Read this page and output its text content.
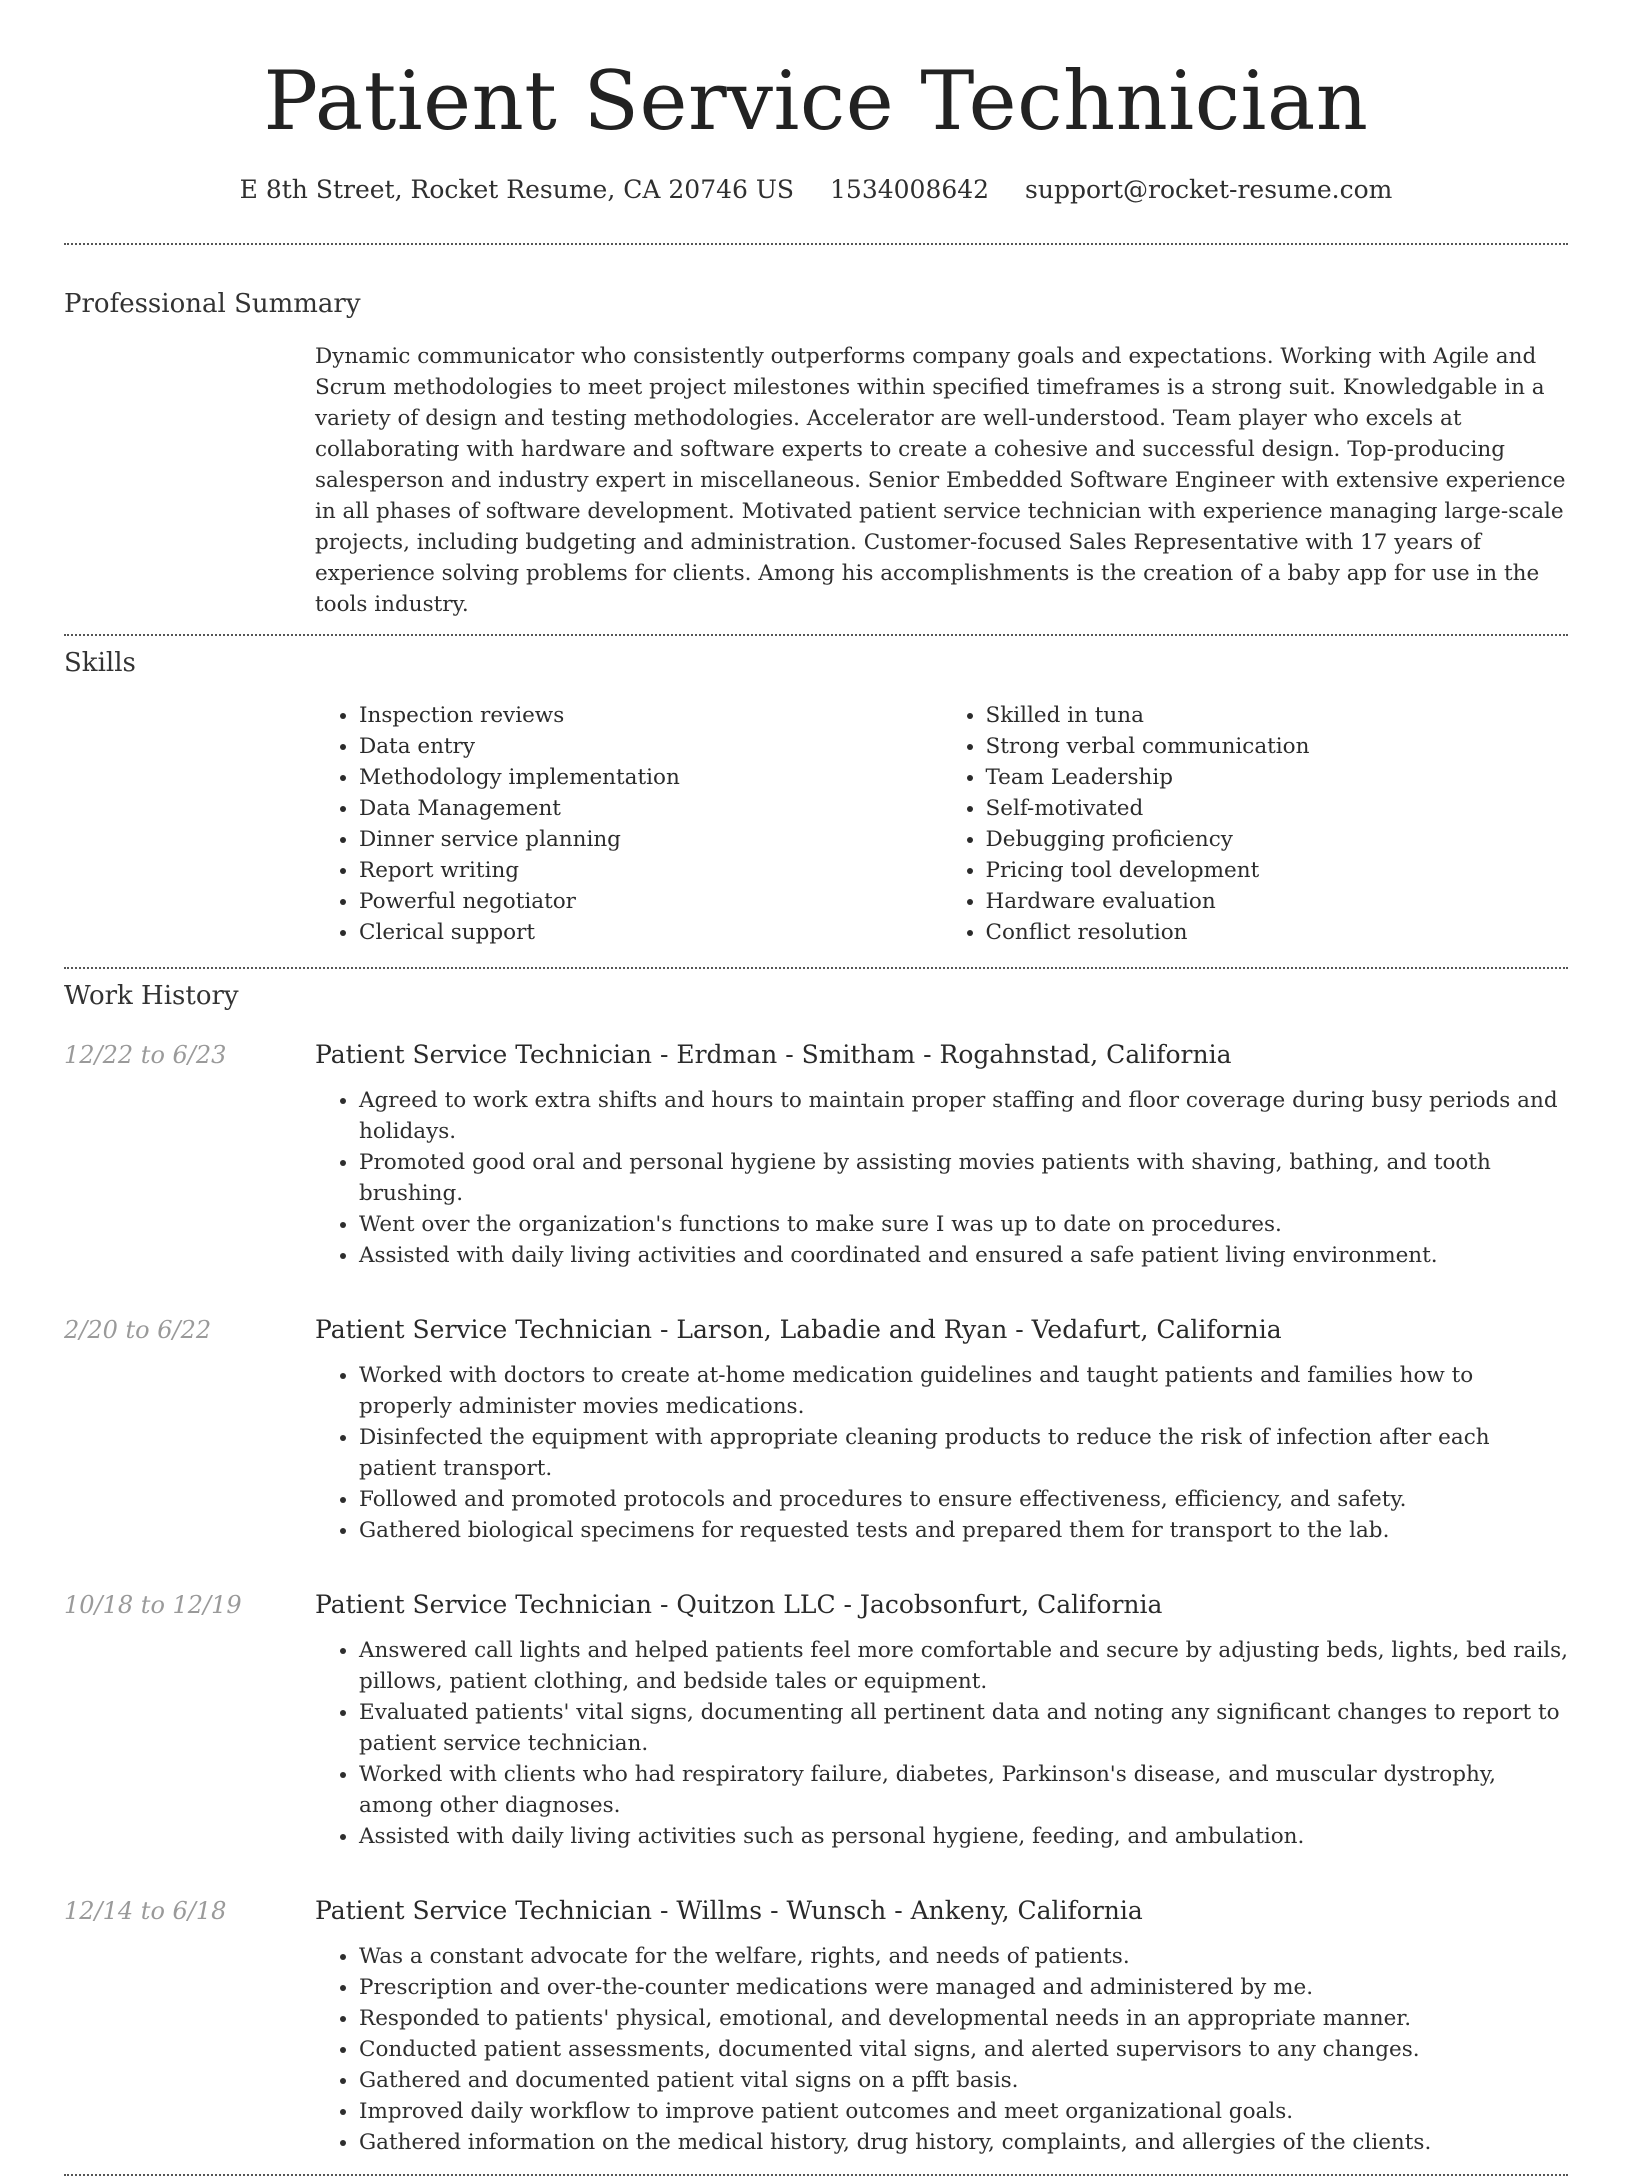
Patient Service Technician
E 8th Street, Rocket Resume, CA 20746 US 1534008642 support@rocket-resume.com
Professional Summary
Dynamic communicator who consistently outperforms company goals and expectations. Working with Agile and Scrum methodologies to meet project milestones within specified timeframes is a strong suit. Knowledgable in a variety of design and testing methodologies. Accelerator are well-understood. Team player who excels at collaborating with hardware and software experts to create a cohesive and successful design. Top-producing salesperson and industry expert in miscellaneous. Senior Embedded Software Engineer with extensive experience in all phases of software development. Motivated patient service technician with experience managing large-scale projects, including budgeting and administration. Customer-focused Sales Representative with 17 years of experience solving problems for clients. Among his accomplishments is the creation of a baby app for use in the tools industry.
Skills
• Inspection reviews
• Data entry
• Methodology implementation
• Data Management
• Dinner service planning
• Report writing
• Powerful negotiator
• Clerical support
• Skilled in tuna
• Strong verbal communication
• Team Leadership
• Self-motivated
• Debugging proficiency
• Pricing tool development
• Hardware evaluation
• Conflict resolution
Work History
12/22 to 6/23	Patient Service Technician - Erdman - Smitham - Rogahnstad, California
• Agreed to work extra shifts and hours to maintain proper staffing and floor coverage during busy periods and holidays.
• Promoted good oral and personal hygiene by assisting movies patients with shaving, bathing, and tooth brushing.
• Went over the organization's functions to make sure I was up to date on procedures.
• Assisted with daily living activities and coordinated and ensured a safe patient living environment.
2/20 to 6/22	Patient Service Technician - Larson, Labadie and Ryan - Vedafurt, California
• Worked with doctors to create at-home medication guidelines and taught patients and families how to properly administer movies medications.
• Disinfected the equipment with appropriate cleaning products to reduce the risk of infection after each patient transport.
• Followed and promoted protocols and procedures to ensure effectiveness, efficiency, and safety.
• Gathered biological specimens for requested tests and prepared them for transport to the lab.
10/18 to 12/19	Patient Service Technician - Quitzon LLC - Jacobsonfurt, California
• Answered call lights and helped patients feel more comfortable and secure by adjusting beds, lights, bed rails, pillows, patient clothing, and bedside tales or equipment.
• Evaluated patients' vital signs, documenting all pertinent data and noting any significant changes to report to patient service technician.
• Worked with clients who had respiratory failure, diabetes, Parkinson's disease, and muscular dystrophy, among other diagnoses.
• Assisted with daily living activities such as personal hygiene, feeding, and ambulation.
12/14 to 6/18	Patient Service Technician - Willms - Wunsch - Ankeny, California
• Was a constant advocate for the welfare, rights, and needs of patients.
• Prescription and over-the-counter medications were managed and administered by me.
• Responded to patients' physical, emotional, and developmental needs in an appropriate manner.
• Conducted patient assessments, documented vital signs, and alerted supervisors to any changes.
• Gathered and documented patient vital signs on a pfft basis.
• Improved daily workflow to improve patient outcomes and meet organizational goals.
• Gathered information on the medical history, drug history, complaints, and allergies of the clients.
